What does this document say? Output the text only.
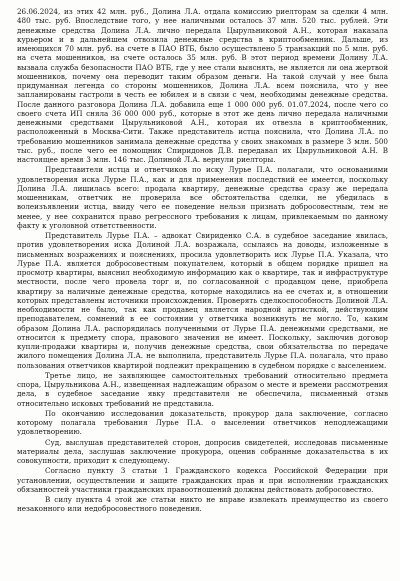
26.06.2024, из этих 42 млн. руб., Долина Л.А. отдала комиссию риелторам за сделки 4 млн. 480 тыс. руб. Впоследствие того, у нее наличными осталось 37 млн. 520 тыс. рублей. Эти денежные средства Долина Л.А. лично передала Цырульниковой А.Н., которая наказала курьером и в дальнейшем отвозила денежные средства в криптообменник. Дальше, из имеющихся 70 млн. руб. на счете в ПАО ВТБ, было осуществлено 5 транзакций по 5 млн. руб. на счета мошенников, на счете осталось 35 млн. руб. В этот период времени Долину Л.А. вызвала служба безопасности ПАО ВТБ, где у нее стали выяснять, не является ли она жертвой мошенников, почему она переводит таким образом деньги. На такой случай у нее была придуманная легенда со стороны мошенников, Долина Л.А. всем пояснила, что у нее запланированы гастроли в честь ее юбилея и в связи с чем, необходимы денежные средства. После данного разговора Долина Л.А. добавила еще 1 000 000 руб. 01.07.2024, после чего со своего счета ИП сняла 36 000 000 руб., которые в этот же день лично передала наличными денежными средствами Цырульниковой А.Н., которая их отвезла в криптообменник, расположенный в Москва-Сити. Также представитель истца пояснила, что Долина Л.А. по требованию мошенников занимала денежные средства у своих знакомых в размере 3 млн. 500 тыс. руб., после чего ее помощник Спиридонов Д.В. передавал их Цырульниковой А.Н. В настоящее время 3 млн. 146 тыс. Долиной Л.А. вернули риелторы.

Представители истца и ответчиков по иску Лурье П.А. полагали, что основаниями удовлетворения иска Лурье П.А., как и для применения последствий ее имеется, поскольку Долина Л.А. лишилась всего: продала квартиру, денежные средства сразу же передала мошенникам, ответчик не проверила все обстоятельства сделки, не убедилась в волеизъявлении истца, ввиду чего ее поведение нельзя признать добросовестным, тем не менее, у нее сохранится право регрессного требования к лицам, привлекаемым по данному факту к уголовной ответственности.

Представитель Лурье П.А. – адвокат Свириденко С.А. в судебное заседание явилась, против удовлетворения иска Долиной Л.А. возражала, ссылаясь на доводы, изложенные в письменных возражениях и пояснениях, просила удовлетворить иск Лурье П.А. Указала, что Лурье П.А. является добросовестным покупателем, который в общем порядке пришел на просмотр квартиры, выяснил необходимую информацию как о квартире, так и инфраструктуре местности, после чего провела торг и, по согласованной с продавцом цене, приобрела квартиру за наличные денежные средства, которые находились на ее счетах и, в отношении которых представлены источники происхождения. Проверять сделкоспособность Долиной Л.А. необходимости не было, так как продавец является народной артисткой, действующим преподавателем, сомнений в ее состоянии у ответчика возникнуть не могло. То, каким образом Долина Л.А. распорядилась полученными от Лурье П.А. денежными средствами, не относится к предмету спора, правового значения не имеет. Поскольку, заключив договор купли-продажи квартиры и, получив денежные средства, свои обязательства по передаче жилого помещения Долина Л.А. не выполнила, представитель Лурье П.А. полагала, что право пользования ответчиков квартирой подлежит прекращению в судебном порядке с выселением.

Третье лицо, не заявляющее самостоятельных требований относительно предмета спора, Цырульникова А.Н., извещенная надлежащим образом о месте и времени рассмотрения дела, в судебное заседание явку представителя не обеспечила, письменный отзыв относительно исковых требований не представила.

По окончанию исследования доказательств, прокурор дала заключение, согласно которому полагала требования Лурье П.А. о выселении ответчиков неподлежащими удовлетворению.

Суд, выслушав представителей сторон, допросив свидетелей, исследовав письменные материалы дела, заслушав заключение прокурора, оценив собранные доказательства в их совокупности, приходит к следующему.

Согласно пункту 3 статьи 1 Гражданского кодекса Российской Федерации при установлении, осуществлении и защите гражданских прав и при исполнении гражданских обязанностей участники гражданских правоотношений должны действовать добросовестно.

В силу пункта 4 этой же статьи никто не вправе извлекать преимущество из своего незаконного или недобросовестного поведения.
